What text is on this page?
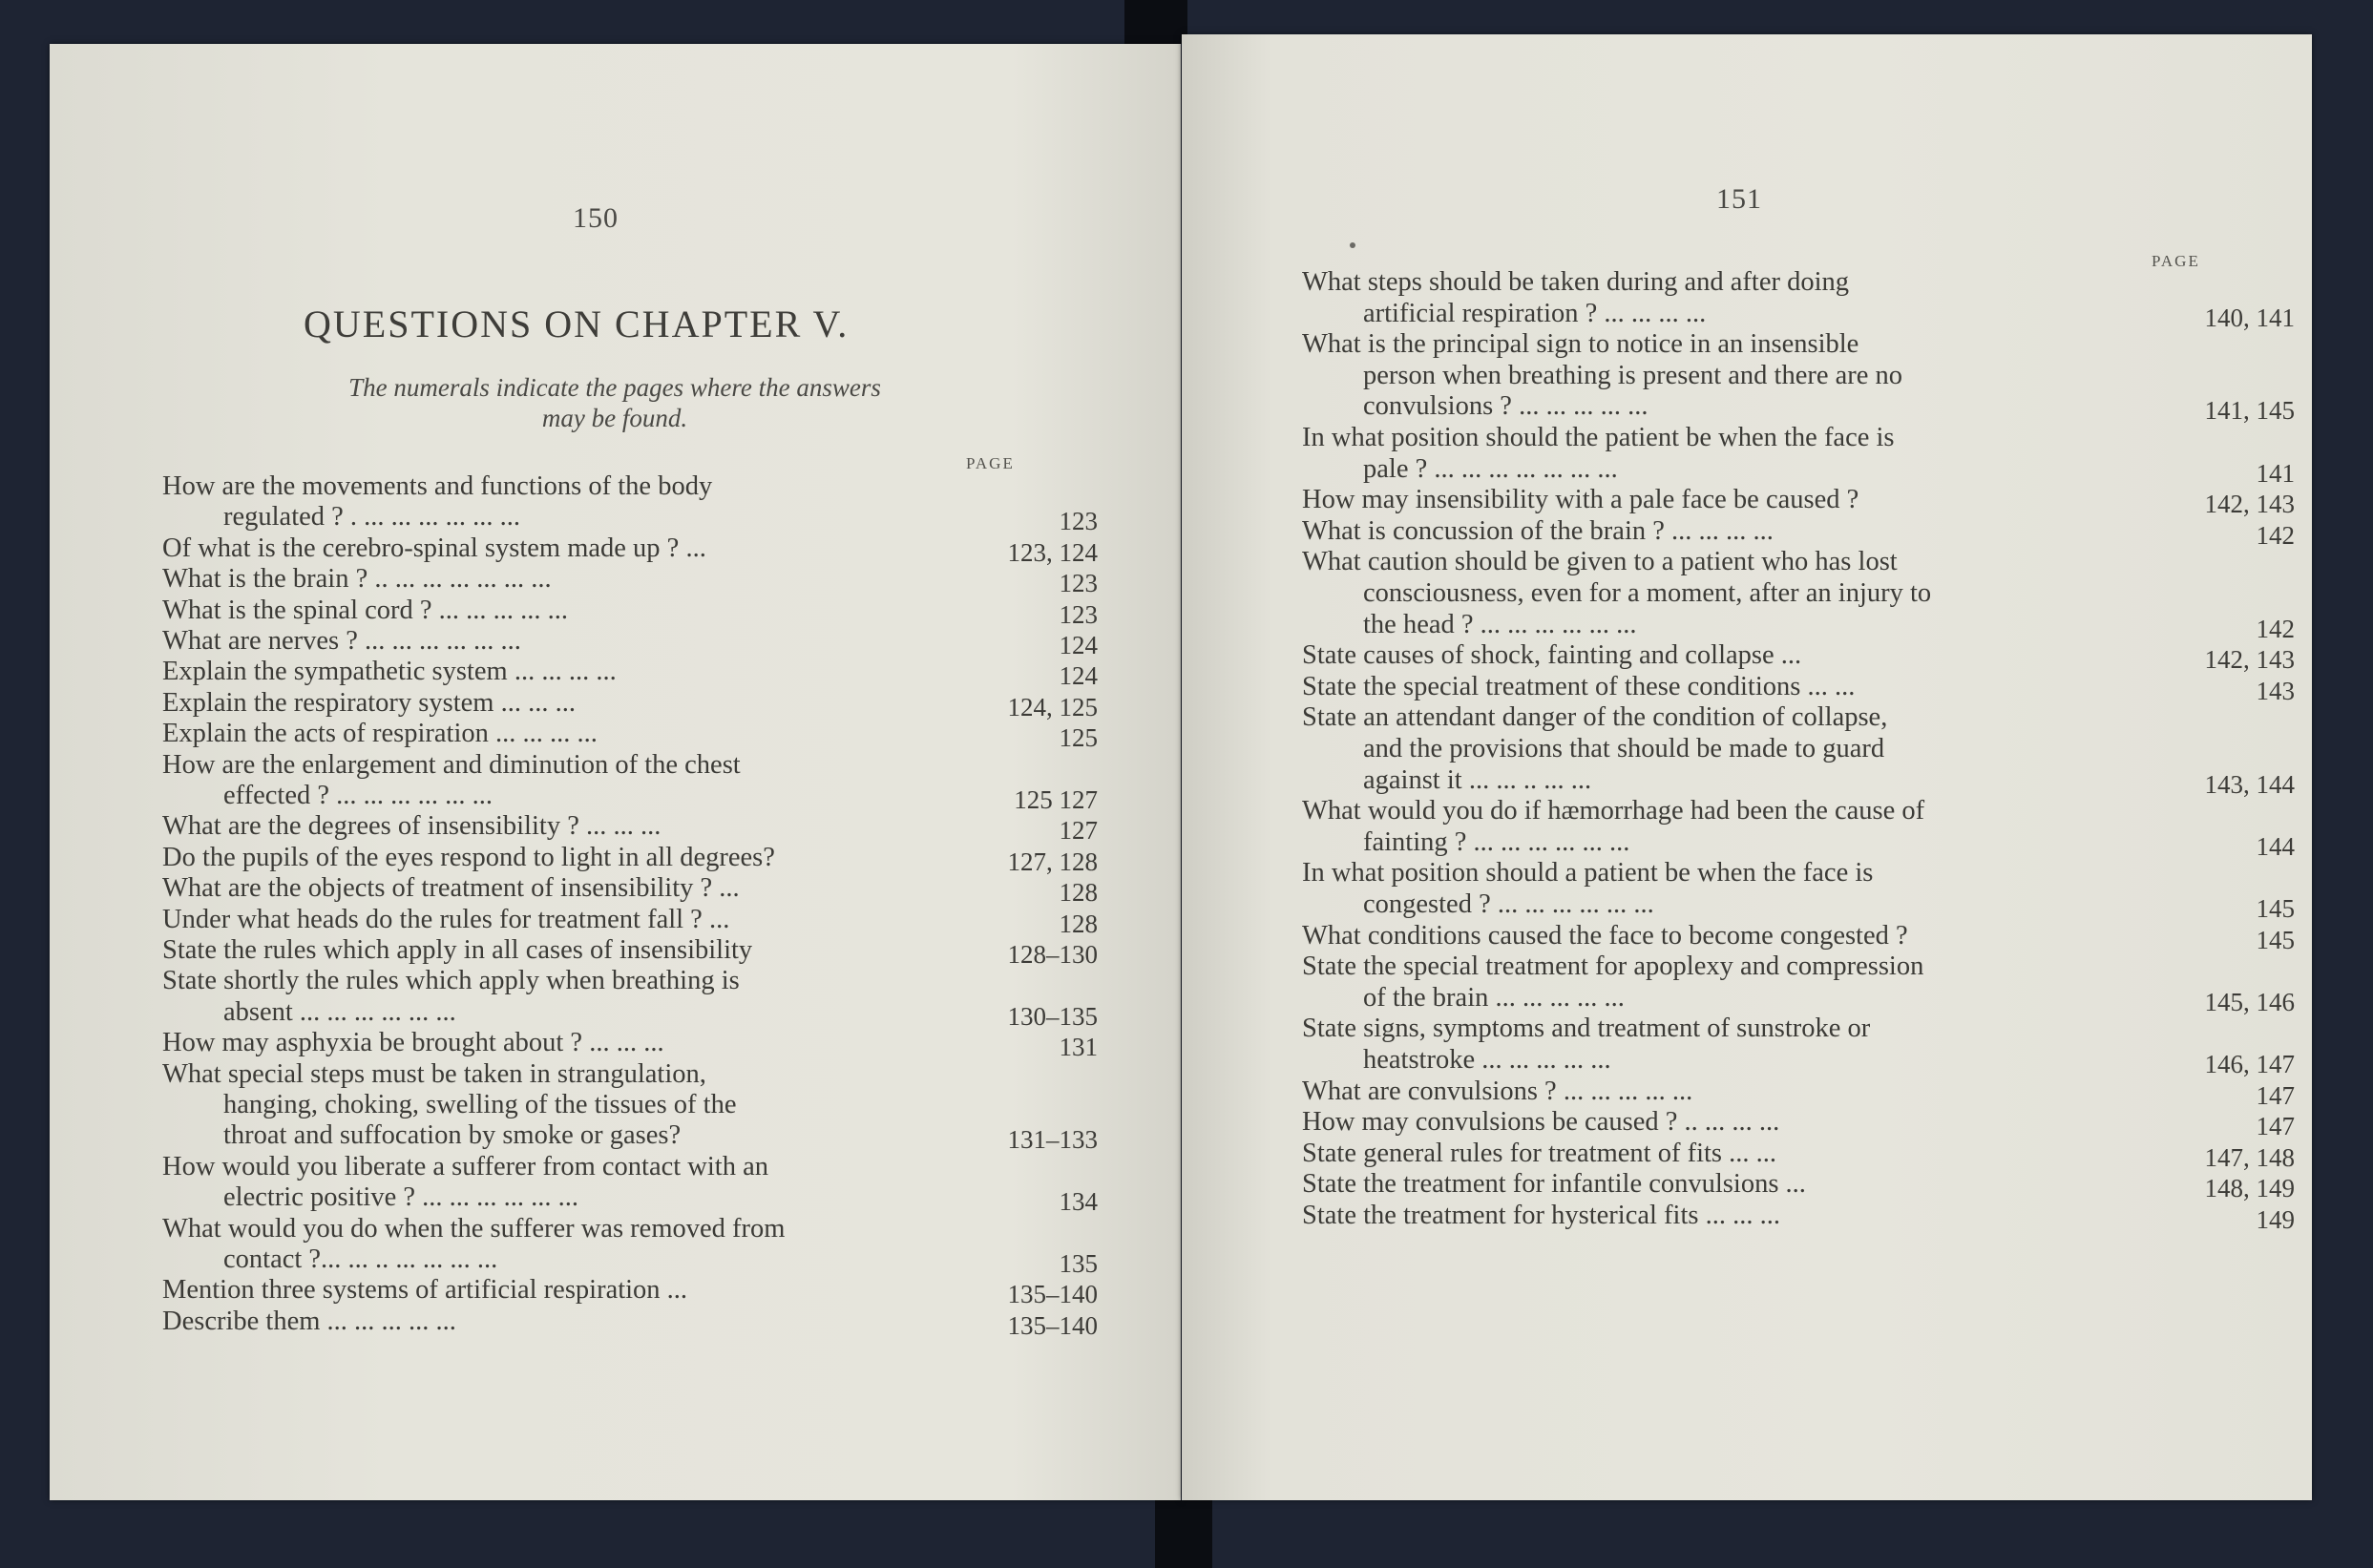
150
QUESTIONS ON CHAPTER V.
The numerals indicate the pages where the answers
may be found.
PAGE
How are the movements and functions of the body
regulated ? . ... ... ... ... ... ...	123
Of what is the cerebro-spinal system made up ? ...	123, 124
What is the brain ? .. ... ... ... ... ... ...	123
What is the spinal cord ? ... ... ... ... ...	123
What are nerves ? ... ... ... ... ... ...	124
Explain the sympathetic system ... ... ... ...	124
Explain the respiratory system ... ... ...	124, 125
Explain the acts of respiration ... ... ... ...	125
How are the enlargement and diminution of the chest
effected ? ... ... ... ... ... ...	125 127
What are the degrees of insensibility ? ... ... ...	127
Do the pupils of the eyes respond to light in all degrees?	127, 128
What are the objects of treatment of insensibility ? ...	128
Under what heads do the rules for treatment fall ? ...	128
State the rules which apply in all cases of insensibility	128–130
State shortly the rules which apply when breathing is
absent ... ... ... ... ... ...	130–135
How may asphyxia be brought about ? ... ... ...	131
What special steps must be taken in strangulation,
hanging, choking, swelling of the tissues of the
throat and suffocation by smoke or gases?	131–133
How would you liberate a sufferer from contact with an
electric positive ? ... ... ... ... ... ...	134
What would you do when the sufferer was removed from
contact ?... ... .. ... ... ... ...	135
Mention three systems of artificial respiration ...	135–140
Describe them ... ... ... ... ...	135–140
151
PAGE
What steps should be taken during and after doing
artificial respiration ? ... ... ... ...	140, 141
What is the principal sign to notice in an insensible
person when breathing is present and there are no
convulsions ? ... ... ... ... ...	141, 145
In what position should the patient be when the face is
pale ? ... ... ... ... ... ... ...	141
How may insensibility with a pale face be caused ?	142, 143
What is concussion of the brain ? ... ... ... ...	142
What caution should be given to a patient who has lost
consciousness, even for a moment, after an injury to
the head ? ... ... ... ... ... ...	142
State causes of shock, fainting and collapse ...	142, 143
State the special treatment of these conditions ... ...	143
State an attendant danger of the condition of collapse,
and the provisions that should be made to guard
against it ... ... .. ... ...	143, 144
What would you do if hæmorrhage had been the cause of
fainting ? ... ... ... ... ... ...	144
In what position should a patient be when the face is
congested ? ... ... ... ... ... ...	145
What conditions caused the face to become congested ?	145
State the special treatment for apoplexy and compression
of the brain ... ... ... ... ...	145, 146
State signs, symptoms and treatment of sunstroke or
heatstroke ... ... ... ... ...	146, 147
What are convulsions ? ... ... ... ... ...	147
How may convulsions be caused ? .. ... ... ...	147
State general rules for treatment of fits ... ...	147, 148
State the treatment for infantile convulsions ...	148, 149
State the treatment for hysterical fits ... ... ...	149
